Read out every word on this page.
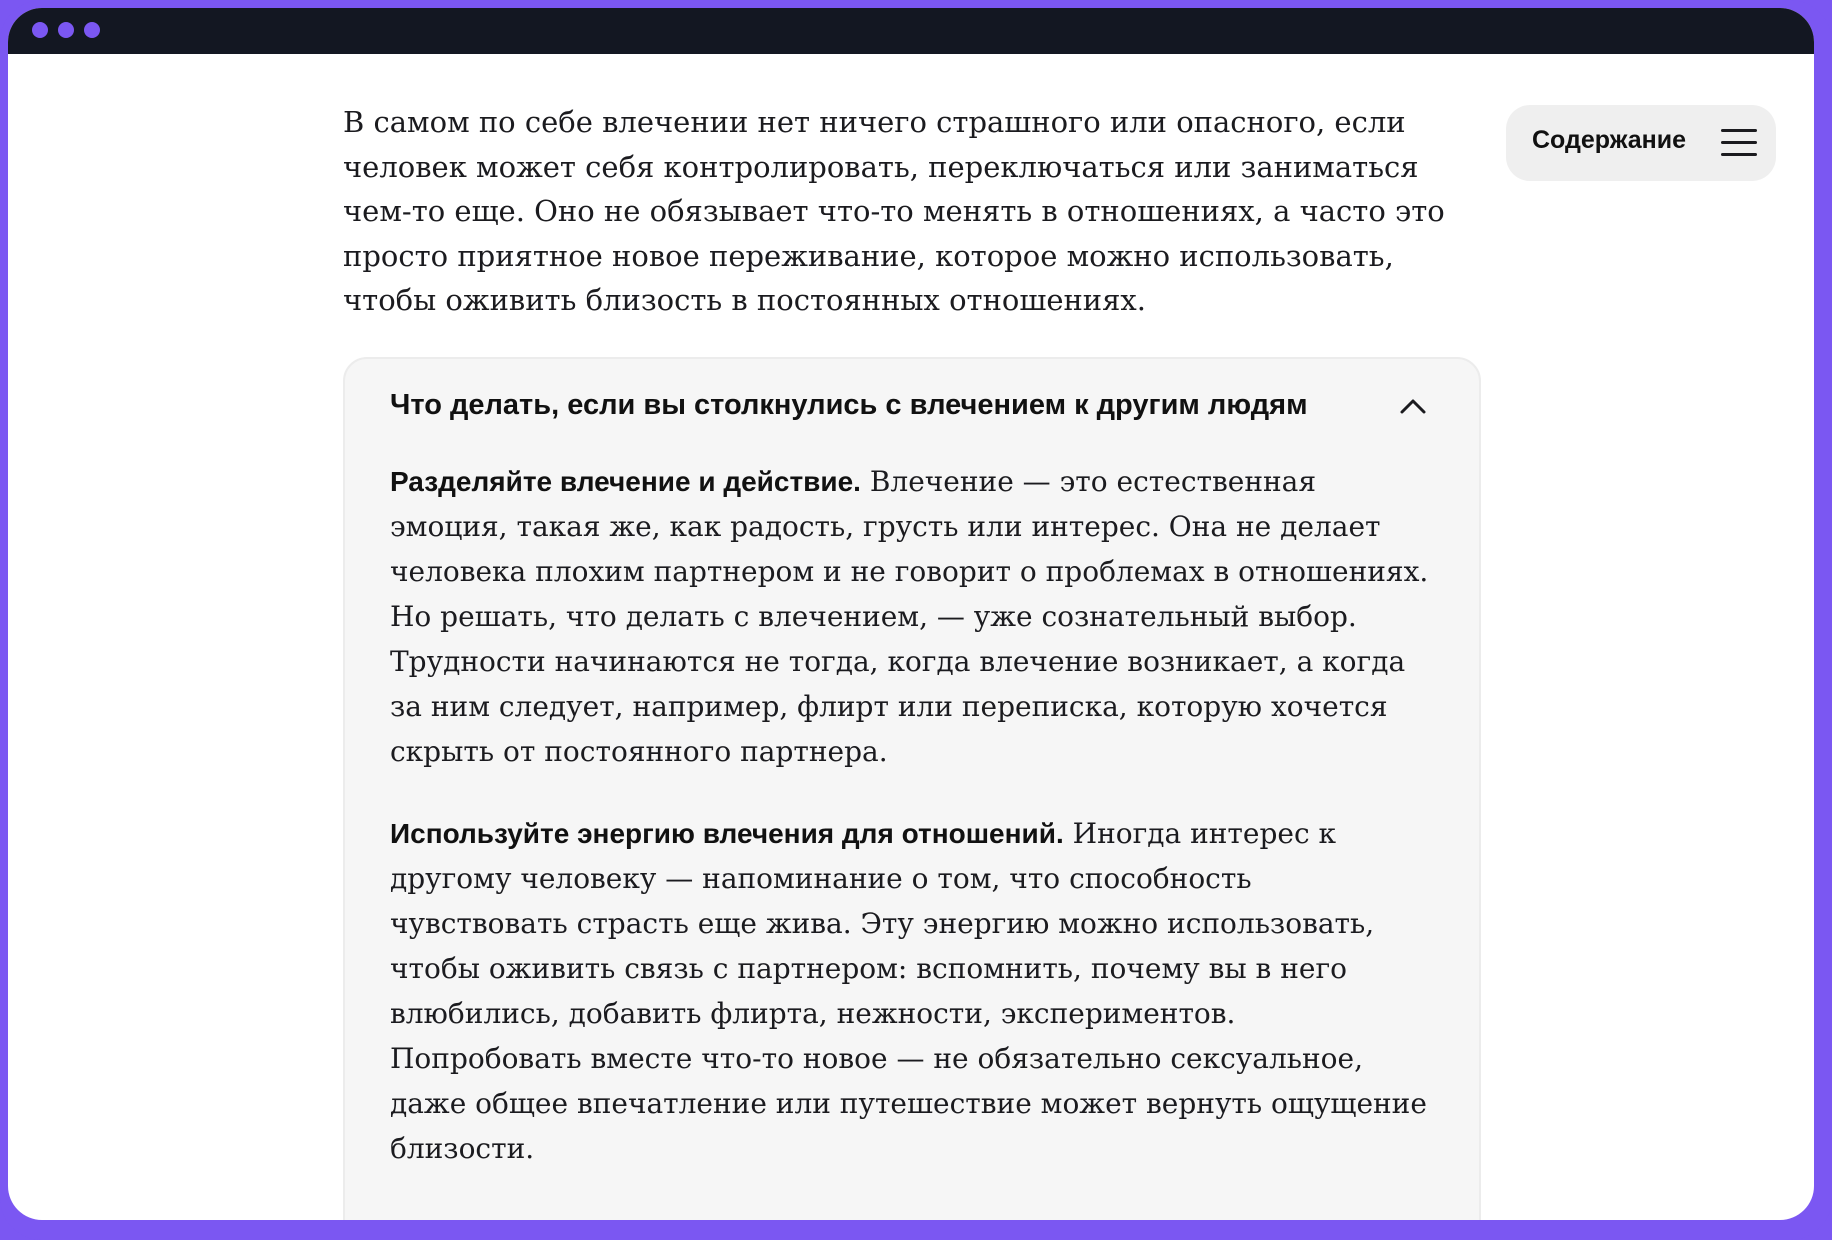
В самом по себе влечении нет ничего страшного или опасного, если человек может себя контролировать, переключаться или заниматься чем-то еще. Оно не обязывает что-то менять в отношениях, а часто это просто приятное новое переживание, которое можно использовать, чтобы оживить близость в постоянных отношениях.

Содержание
Что делать, если вы столкнулись с влечением к другим людям

Разделяйте влечение и действие. Влечение — это естественная эмоция, такая же, как радость, грусть или интерес. Она не делает человека плохим партнером и не говорит о проблемах в отношениях. Но решать, что делать с влечением, — уже сознательный выбор. Трудности начинаются не тогда, когда влечение возникает, а когда за ним следует, например, флирт или переписка, которую хочется скрыть от постоянного партнера.

Используйте энергию влечения для отношений. Иногда интерес к другому человеку — напоминание о том, что способность чувствовать страсть еще жива. Эту энергию можно использовать, чтобы оживить связь с партнером: вспомнить, почему вы в него влюбились, добавить флирта, нежности, экспериментов. Попробовать вместе что-то новое — не обязательно сексуальное, даже общее впечатление или путешествие может вернуть ощущение близости.
